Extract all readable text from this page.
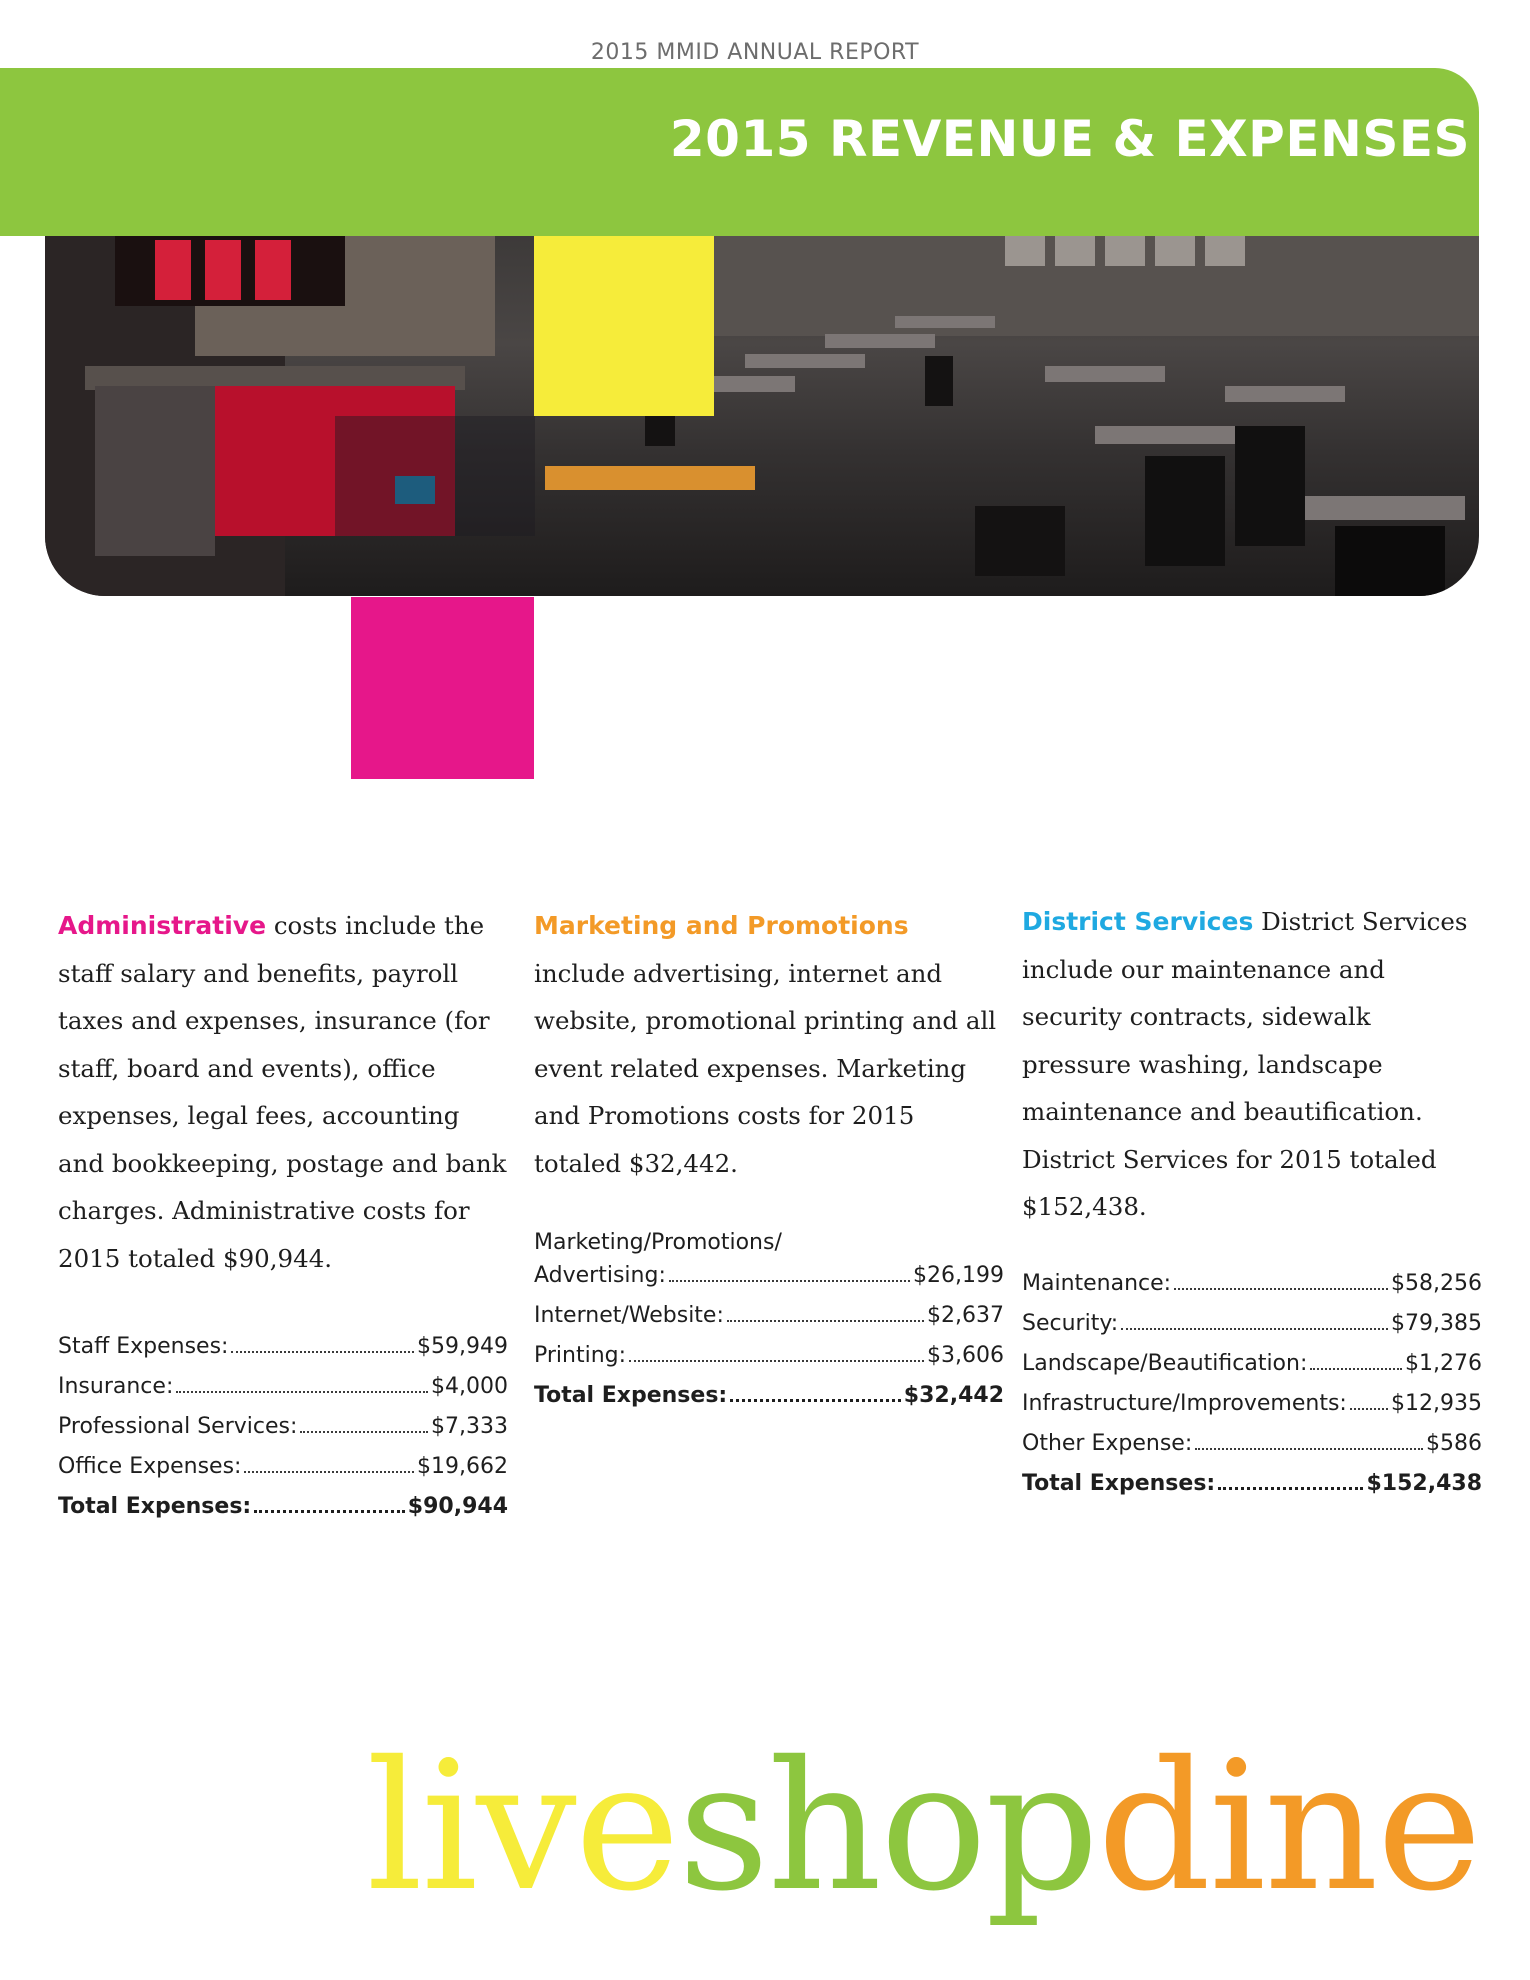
2015 MMID ANNUAL REPORT
2015 REVENUE & EXPENSES

Administrative costs include the staff salary and benefits, payroll taxes and expenses, insurance (for staff, board and events), office expenses, legal fees, accounting and bookkeeping, postage and bank charges. Administrative costs for 2015 totaled $90,944.

Staff Expenses:	$59,949
Insurance:	$4,000
Professional Services:	$7,333
Office Expenses:	$19,662
Total Expenses:	$90,944

Marketing and Promotions include advertising, internet and website, promotional printing and all event related expenses. Marketing and Promotions costs for 2015 totaled $32,442.

Marketing/Promotions/
Advertising:	$26,199
Internet/Website:	$2,637
Printing:	$3,606
Total Expenses:	$32,442

District Services District Services include our maintenance and security contracts, sidewalk pressure washing, landscape maintenance and beautification. District Services for 2015 totaled $152,438.

Maintenance:	$58,256
Security:	$79,385
Landscape/Beautification:	$1,276
Infrastructure/Improvements: $12,935
Other Expense:	$586
Total Expenses:	$152,438

liveshopdine
